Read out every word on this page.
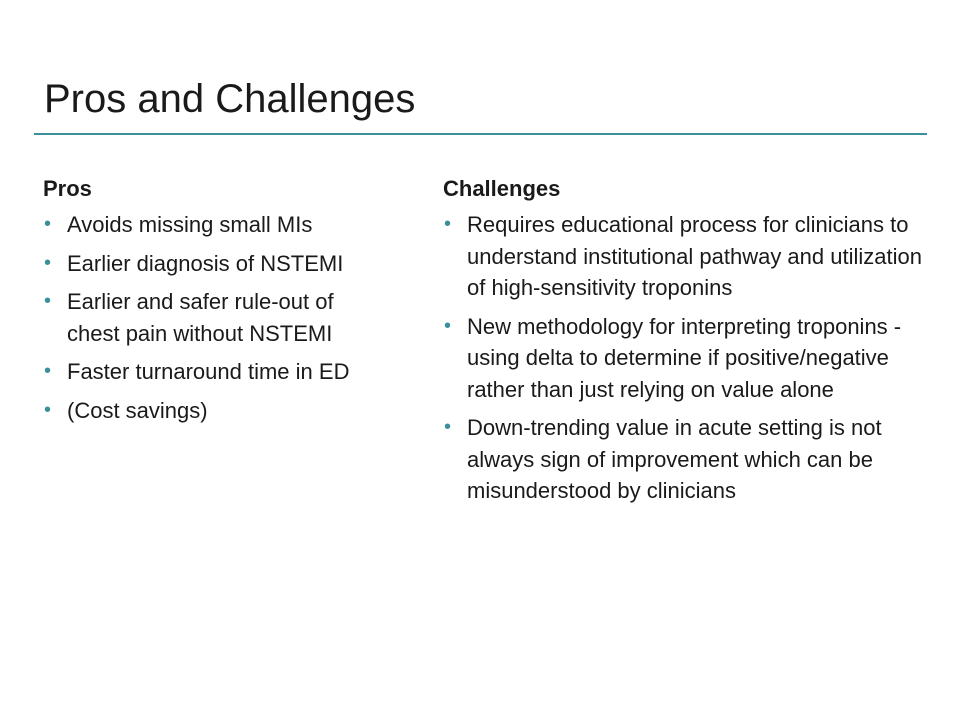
Pros and Challenges
Pros
• Avoids missing small MIs
• Earlier diagnosis of NSTEMI
• Earlier and safer rule-out of chest pain without NSTEMI
• Faster turnaround time in ED
• (Cost savings)
Challenges
• Requires educational process for clinicians to understand institutional pathway and utilization of high-sensitivity troponins
• New methodology for interpreting troponins - using delta to determine if positive/negative rather than just relying on value alone
• Down-trending value in acute setting is not always sign of improvement which can be misunderstood by clinicians
